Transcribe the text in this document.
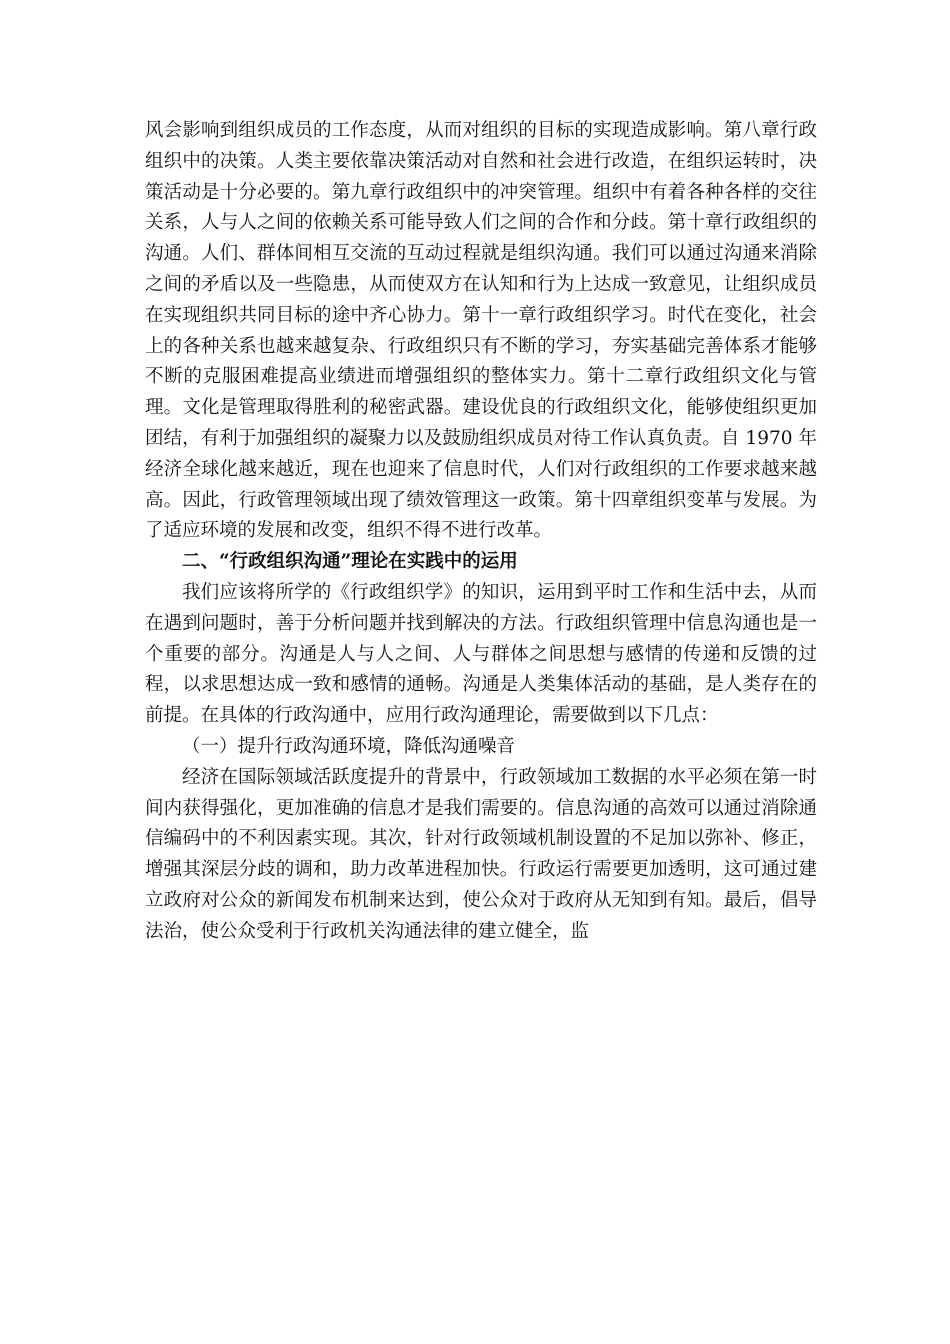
风会影响到组织成员的工作态度，从而对组织的目标的实现造成影响。第八章行政组织中的决策。人类主要依靠决策活动对自然和社会进行改造，在组织运转时，决策活动是十分必要的。第九章行政组织中的冲突管理。组织中有着各种各样的交往关系，人与人之间的依赖关系可能导致人们之间的合作和分歧。第十章行政组织的沟通。人们、群体间相互交流的互动过程就是组织沟通。我们可以通过沟通来消除之间的矛盾以及一些隐患，从而使双方在认知和行为上达成一致意见，让组织成员在实现组织共同目标的途中齐心协力。第十一章行政组织学习。时代在变化，社会上的各种关系也越来越复杂、行政组织只有不断的学习，夯实基础完善体系才能够不断的克服困难提高业绩进而增强组织的整体实力。第十二章行政组织文化与管理。文化是管理取得胜利的秘密武器。建设优良的行政组织文化，能够使组织更加团结，有利于加强组织的凝聚力以及鼓励组织成员对待工作认真负责。自 1970 年经济全球化越来越近，现在也迎来了信息时代，人们对行政组织的工作要求越来越高。因此，行政管理领域出现了绩效管理这一政策。第十四章组织变革与发展。为了适应环境的发展和改变，组织不得不进行改革。

二、“行政组织沟通”理论在实践中的运用

我们应该将所学的《行政组织学》的知识，运用到平时工作和生活中去，从而在遇到问题时，善于分析问题并找到解决的方法。行政组织管理中信息沟通也是一个重要的部分。沟通是人与人之间、人与群体之间思想与感情的传递和反馈的过程，以求思想达成一致和感情的通畅。沟通是人类集体活动的基础，是人类存在的前提。在具体的行政沟通中，应用行政沟通理论，需要做到以下几点：

（一）提升行政沟通环境，降低沟通噪音

经济在国际领域活跃度提升的背景中，行政领域加工数据的水平必须在第一时间内获得强化，更加准确的信息才是我们需要的。信息沟通的高效可以通过消除通信编码中的不利因素实现。其次，针对行政领域机制设置的不足加以弥补、修正，增强其深层分歧的调和，助力改革进程加快。行政运行需要更加透明，这可通过建立政府对公众的新闻发布机制来达到，使公众对于政府从无知到有知。最后，倡导法治，使公众受利于行政机关沟通法律的建立健全，监
